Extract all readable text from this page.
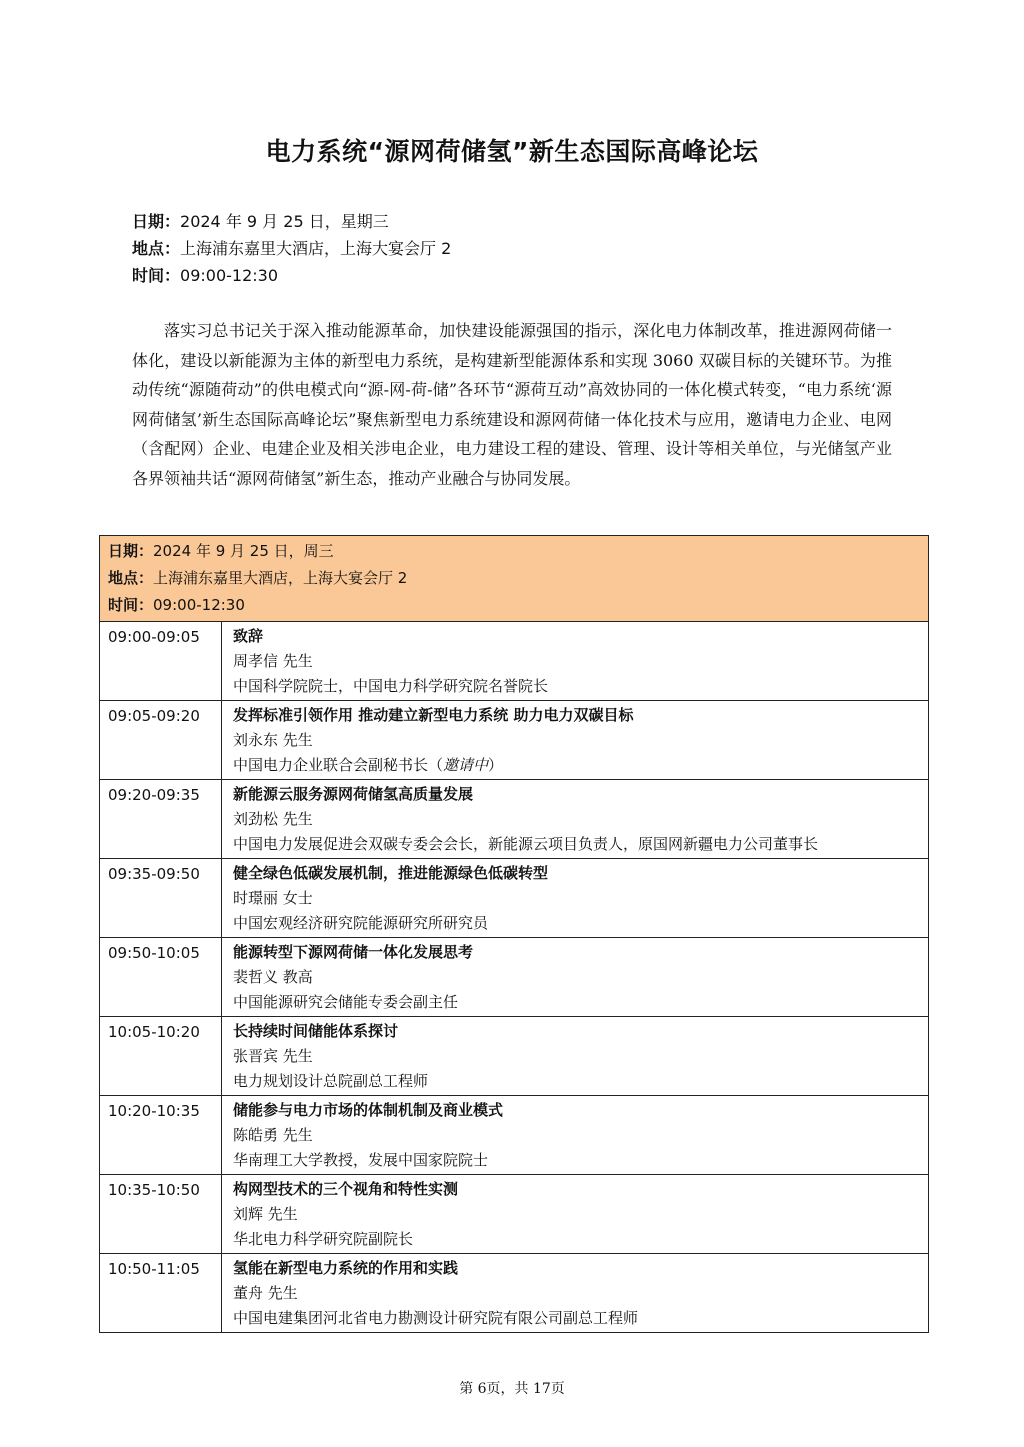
电力系统“源网荷储氢”新生态国际高峰论坛
日期：2024 年 9 月 25 日，星期三
地点：上海浦东嘉里大酒店，上海大宴会厅 2
时间：09:00-12:30
落实习总书记关于深入推动能源革命，加快建设能源强国的指示，深化电力体制改革，推进源网荷储一体化，建设以新能源为主体的新型电力系统，是构建新型能源体系和实现 3060 双碳目标的关键环节。为推动传统“源随荷动”的供电模式向“源-网-荷-储”各环节“源荷互动”高效协同的一体化模式转变，“电力系统‘源网荷储氢’新生态国际高峰论坛”聚焦新型电力系统建设和源网荷储一体化技术与应用，邀请电力企业、电网（含配网）企业、电建企业及相关涉电企业，电力建设工程的建设、管理、设计等相关单位，与光储氢产业各界领袖共话“源网荷储氢”新生态，推动产业融合与协同发展。
日期：2024 年 9 月 25 日，周三
地点：上海浦东嘉里大酒店，上海大宴会厅 2
时间：09:00-12:30	

09:00-09:05	致辞
周孝信 先生
中国科学院院士，中国电力科学研究院名誉院长

09:05-09:20	发挥标准引领作用 推动建立新型电力系统 助力电力双碳目标
刘永东 先生
中国电力企业联合会副秘书长（邀请中）

09:20-09:35	新能源云服务源网荷储氢高质量发展
刘劲松 先生
中国电力发展促进会双碳专委会会长，新能源云项目负责人，原国网新疆电力公司董事长

09:35-09:50	健全绿色低碳发展机制，推进能源绿色低碳转型
时璟丽 女士
中国宏观经济研究院能源研究所研究员

09:50-10:05	能源转型下源网荷储一体化发展思考
裴哲义 教高
中国能源研究会储能专委会副主任

10:05-10:20	长持续时间储能体系探讨
张晋宾 先生
电力规划设计总院副总工程师

10:20-10:35	储能参与电力市场的体制机制及商业模式
陈皓勇 先生
华南理工大学教授，发展中国家院院士

10:35-10:50	构网型技术的三个视角和特性实测
刘辉 先生
华北电力科学研究院副院长

10:50-11:05	氢能在新型电力系统的作用和实践
董舟 先生
中国电建集团河北省电力勘测设计研究院有限公司副总工程师
第 6页，共 17页
